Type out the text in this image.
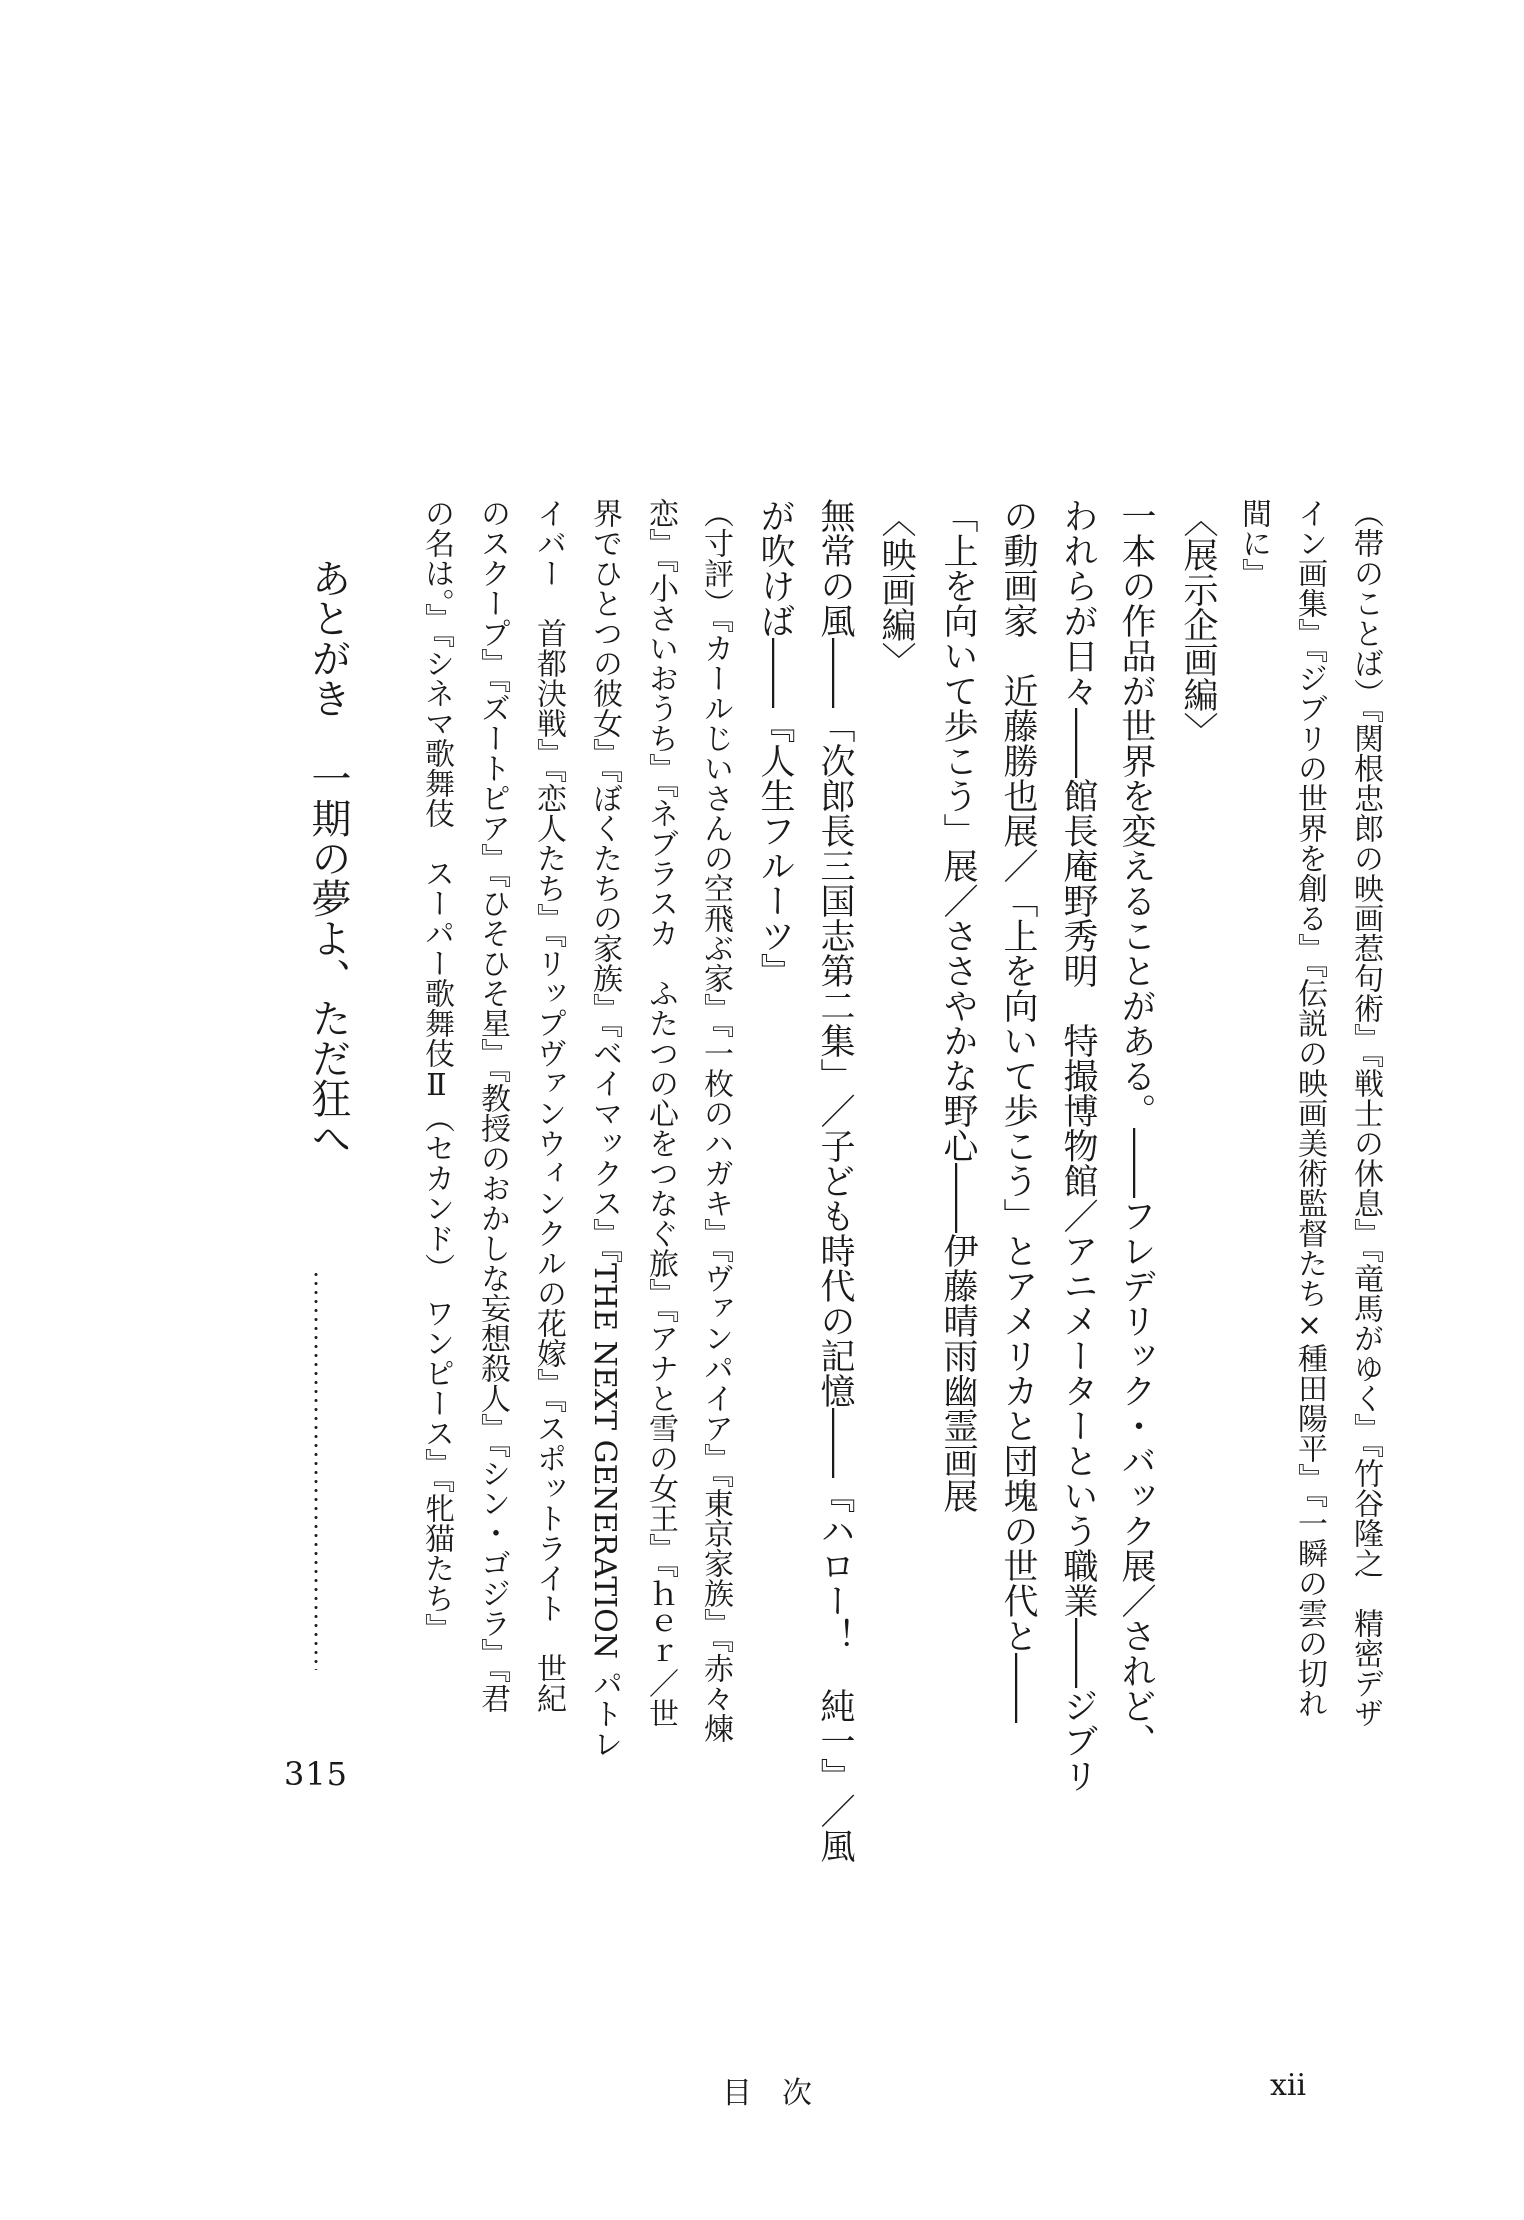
（帯のことば）『関根忠郎の映画惹句術』『戦士の休息』『竜馬がゆく』『竹谷隆之　精密デザ
イン画集』『ジブリの世界を創る』『伝説の映画美術監督たち×種田陽平』『一瞬の雲の切れ
間に』
〈展示企画編〉
一本の作品が世界を変えることがある。――フレデリック・バック展／されど、
われらが日々――館長庵野秀明　特撮博物館／アニメーターという職業――ジブリ
の動画家　近藤勝也展／「上を向いて歩こう」とアメリカと団塊の世代と――
「上を向いて歩こう」展／ささやかな野心――伊藤晴雨幽霊画展
〈映画編〉
無常の風――「次郎長三国志第二集」／子ども時代の記憶――『ハロー！　純一』／風
が吹けば――『人生フルーツ』
（寸評）『カールじいさんの空飛ぶ家』『一枚のハガキ』『ヴァンパイア』『東京家族』『赤々煉
恋』『小さいおうち』『ネブラスカ　ふたつの心をつなぐ旅』『アナと雪の女王』『ｈｅｒ／世
界でひとつの彼女』『ぼくたちの家族』『ベイマックス』『THE NEXT GENERATION パトレ
イバー　首都決戦』『恋人たち』『リップヴァンウィンクルの花嫁』『スポットライト　世紀
のスクープ』『ズートピア』『ひそひそ星』『教授のおかしな妄想殺人』『シン・ゴジラ』『君
の名は。』『シネマ歌舞伎　スーパー歌舞伎Ⅱ（セカンド）　ワンピース』『牝猫たち』
あとがき　一期の夢よ、ただ狂へ
315
目　次	xii
